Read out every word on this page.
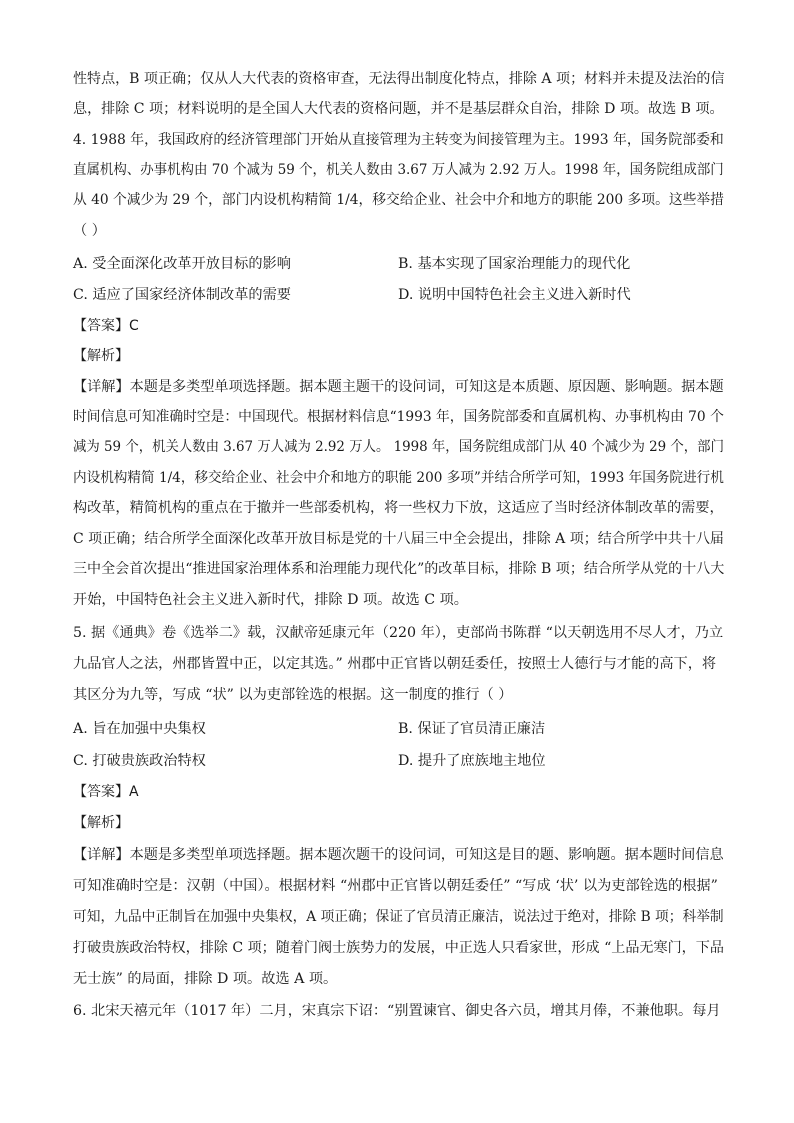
性特点，B 项正确；仅从人大代表的资格审查，无法得出制度化特点，排除 A 项；材料并未提及法治的信
息，排除 C 项；材料说明的是全国人大代表的资格问题，并不是基层群众自治，排除 D 项。故选 B 项。
4. 1988 年，我国政府的经济管理部门开始从直接管理为主转变为间接管理为主。1993 年，国务院部委和
直属机构、办事机构由 70 个减为 59 个，机关人数由 3.67 万人减为 2.92 万人。1998 年，国务院组成部门
从 40 个减少为 29 个，部门内设机构精简 1/4，移交给企业、社会中介和地方的职能 200 多项。这些举措
（ ）
A. 受全面深化改革开放目标的影响	B. 基本实现了国家治理能力的现代化
C. 适应了国家经济体制改革的需要	D. 说明中国特色社会主义进入新时代
【答案】C
【解析】
【详解】本题是多类型单项选择题。据本题主题干的设问词，可知这是本质题、原因题、影响题。据本题
时间信息可知准确时空是：中国现代。根据材料信息“1993 年，国务院部委和直属机构、办事机构由 70 个
减为 59 个，机关人数由 3.67 万人减为 2.92 万人。 1998 年，国务院组成部门从 40 个减少为 29 个，部门
内设机构精简 1/4，移交给企业、社会中介和地方的职能 200 多项”并结合所学可知，1993 年国务院进行机
构改革，精简机构的重点在于撤并一些部委机构，将一些权力下放，这适应了当时经济体制改革的需要，
C 项正确；结合所学全面深化改革开放目标是党的十八届三中全会提出，排除 A 项；结合所学中共十八届
三中全会首次提出“推进国家治理体系和治理能力现代化”的改革目标，排除 B 项；结合所学从党的十八大
开始，中国特色社会主义进入新时代，排除 D 项。故选 C 项。
5. 据《通典》卷《选举二》载，汉献帝延康元年（220 年），吏部尚书陈群 “以天朝选用不尽人才，乃立
九品官人之法，州郡皆置中正，以定其选。” 州郡中正官皆以朝廷委任，按照士人德行与才能的高下，将
其区分为九等，写成 “状” 以为吏部铨选的根据。这一制度的推行（ ）
A. 旨在加强中央集权	B. 保证了官员清正廉洁
C. 打破贵族政治特权	D. 提升了庶族地主地位
【答案】A
【解析】
【详解】本题是多类型单项选择题。据本题次题干的设问词，可知这是目的题、影响题。据本题时间信息
可知准确时空是：汉朝（中国）。根据材料 “州郡中正官皆以朝廷委任” “写成 ‘状’ 以为吏部铨选的根据”
可知，九品中正制旨在加强中央集权，A 项正确；保证了官员清正廉洁，说法过于绝对，排除 B 项；科举制
打破贵族政治特权，排除 C 项；随着门阀士族势力的发展，中正选人只看家世，形成 “上品无寒门，下品
无士族” 的局面，排除 D 项。故选 A 项。
6. 北宋天禧元年（1017 年）二月，宋真宗下诏：“别置谏官、御史各六员，增其月俸，不兼他职。每月
